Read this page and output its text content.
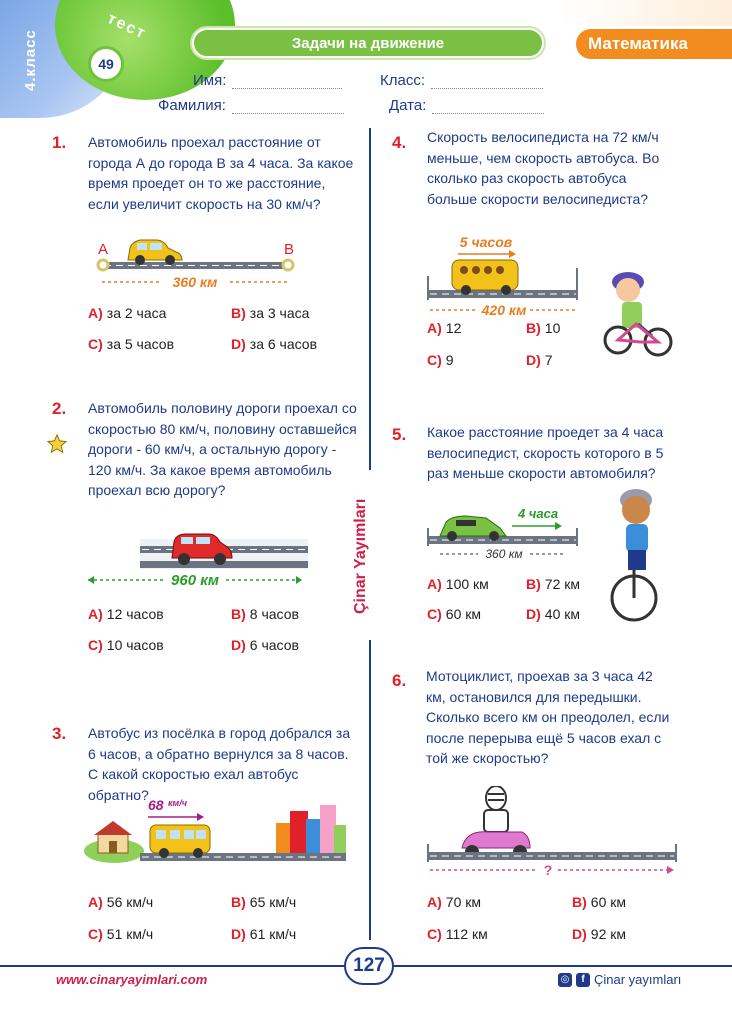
4.класс
тест
49
Задачи на движение	Математика
Имя:	Класс:
Фамилия:	Дата:
Çinar Yayımları
1. Автомобиль проехал расстояние от города А до города В за 4 часа. За какое время проедет он то же расстояние, если увеличит скорость на 30 км/ч?
A	B
360 км
A) за 2 часа	B) за 3 часа
C) за 5 часов	D) за 6 часов
2. Автомобиль половину дороги проехал со скоростью 80 км/ч, половину оставшейся дороги - 60 км/ч, а остальную дорогу - 120 км/ч. За какое время автомобиль проехал всю дорогу?
960 км
A) 12 часов	B) 8 часов
C) 10 часов	D) 6 часов
3. Автобус из посёлка в город добрался за 6 часов, а обратно вернулся за 8 часов. С какой скоростью ехал автобус обратно?
68 км/ч
A) 56 км/ч	B) 65 км/ч
C) 51 км/ч	D) 61 км/ч
4. Скорость велосипедиста на 72 км/ч меньше, чем скорость автобуса. Во сколько раз скорость автобуса больше скорости велосипедиста?
5 часов
420 км
A) 12	B) 10
C) 9	D) 7
5. Какое расстояние проедет за 4 часа велосипедист, скорость которого в 5 раз меньше скорости автомобиля?
4 часа
360 км
A) 100 км	B) 72 км
C) 60 км	D) 40 км
6. Мотоциклист, проехав за 3 часа 42 км, остановился для передышки. Сколько всего км он преодолел, если после перерыва ещё 5 часов ехал с той же скоростью?
?
A) 70 км	B) 60 км
C) 112 км	D) 92 км
127
www.cinaryayimlari.com	◎	f Çinar yayımları
